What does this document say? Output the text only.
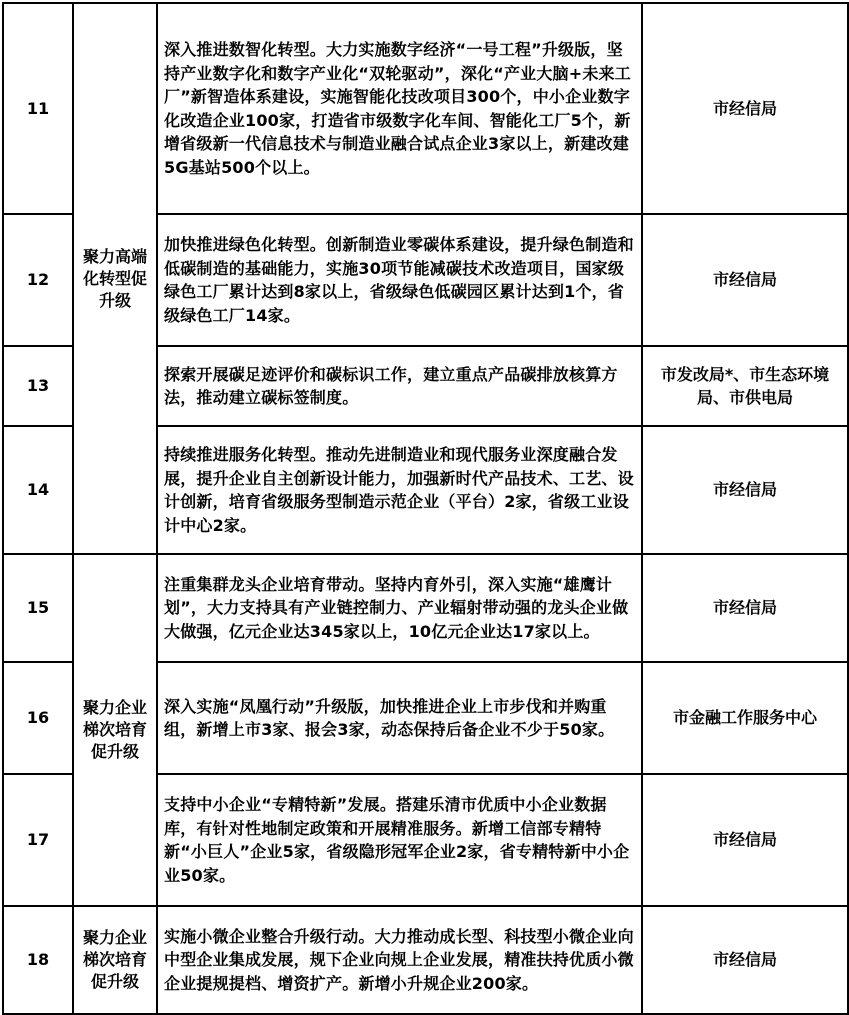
11	聚力高端化转型促升级	深入推进数智化转型。大力实施数字经济“一号工程”升级版，坚持产业数字化和数字产业化“双轮驱动”，深化“产业大脑+未来工厂”新智造体系建设，实施智能化技改项目300个，中小企业数字化改造企业100家，打造省市级数字化车间、智能化工厂5个，新增省级新一代信息技术与制造业融合试点企业3家以上，新建改建5G基站500个以上。	市经信局
12		加快推进绿色化转型。创新制造业零碳体系建设，提升绿色制造和低碳制造的基础能力，实施30项节能减碳技术改造项目，国家级绿色工厂累计达到8家以上，省级绿色低碳园区累计达到1个，省级绿色工厂14家。	市经信局
13		探索开展碳足迹评价和碳标识工作，建立重点产品碳排放核算方法，推动建立碳标签制度。	市发改局*、市生态环境局、市供电局
14		持续推进服务化转型。推动先进制造业和现代服务业深度融合发展，提升企业自主创新设计能力，加强新时代产品技术、工艺、设计创新，培育省级服务型制造示范企业（平台）2家，省级工业设计中心2家。	市经信局
15	聚力企业梯次培育促升级	注重集群龙头企业培育带动。坚持内育外引，深入实施“雄鹰计划”，大力支持具有产业链控制力、产业辐射带动强的龙头企业做大做强，亿元企业达345家以上，10亿元企业达17家以上。	市经信局
16		深入实施“凤凰行动”升级版，加快推进企业上市步伐和并购重组，新增上市3家、报会3家，动态保持后备企业不少于50家。	市金融工作服务中心
17		支持中小企业“专精特新”发展。搭建乐清市优质中小企业数据库，有针对性地制定政策和开展精准服务。新增工信部专精特新“小巨人”企业5家，省级隐形冠军企业2家，省专精特新中小企业50家。	市经信局
18	聚力企业梯次培育促升级	实施小微企业整合升级行动。大力推动成长型、科技型小微企业向中型企业集成发展，规下企业向规上企业发展，精准扶持优质小微企业提规提档、增资扩产。新增小升规企业200家。	市经信局
